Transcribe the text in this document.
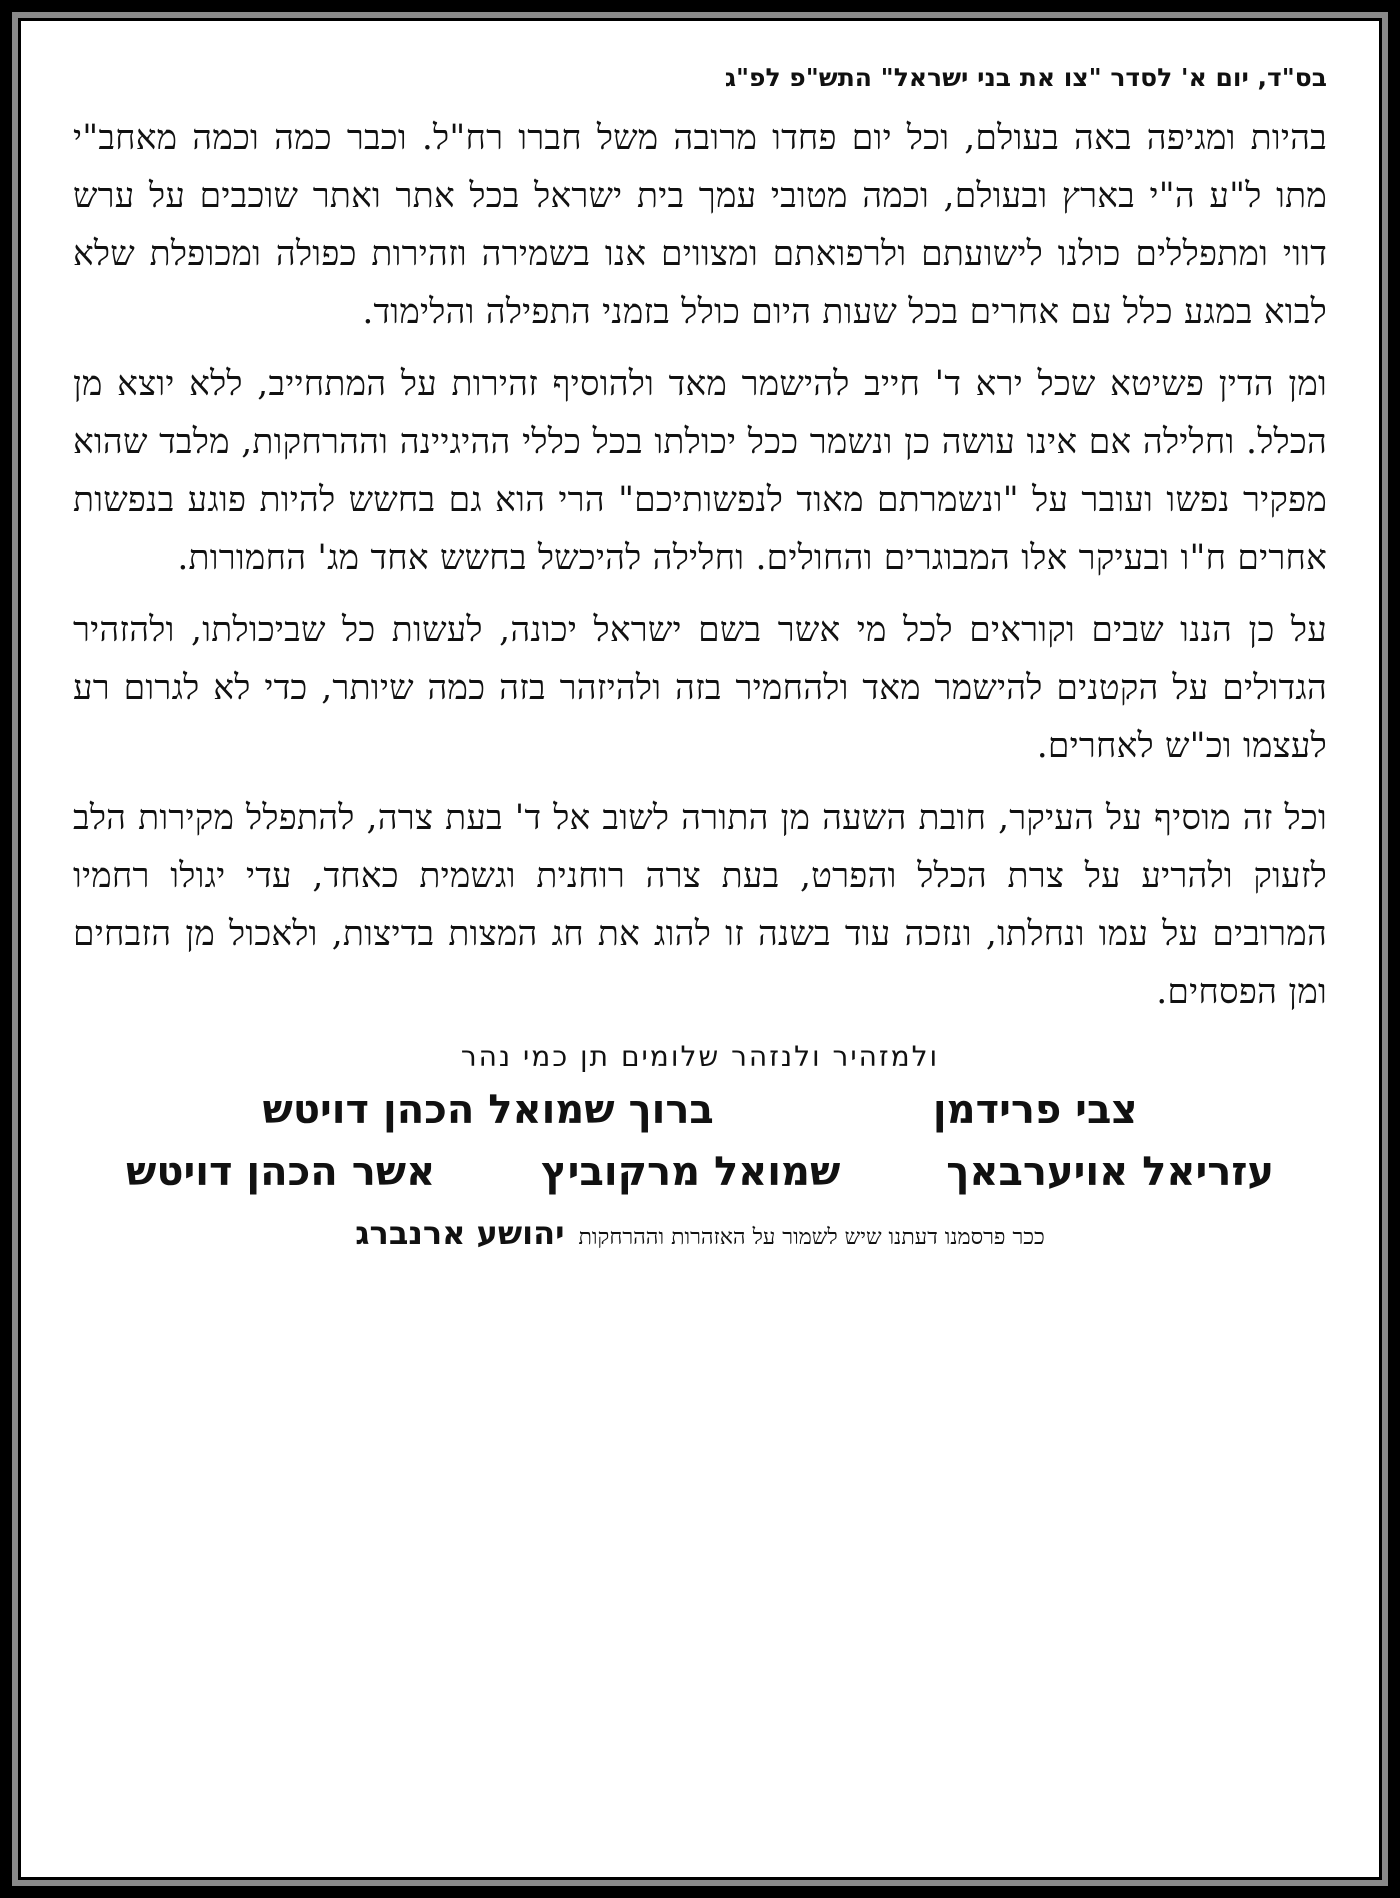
בס"ד, יום א' לסדר "צו את בני ישראל" התש"פ לפ"ג

בהיות ומגיפה באה בעולם, וכל יום פחדו מרובה משל חברו רח"ל. וכבר כמה וכמה מאחב"י מתו ל"ע ה"י בארץ ובעולם, וכמה מטובי עמך בית ישראל בכל אתר ואתר שוכבים על ערש דווי ומתפללים כולנו לישועתם ולרפואתם ומצווים אנו בשמירה וזהירות כפולה ומכופלת שלא לבוא במגע כלל עם אחרים בכל שעות היום כולל בזמני התפילה והלימוד.

ומן הדין פשיטא שכל ירא ד' חייב להישמר מאד ולהוסיף זהירות על המתחייב, ללא יוצא מן הכלל. וחלילה אם אינו עושה כן ונשמר ככל יכולתו בכל כללי ההיגיינה וההרחקות, מלבד שהוא מפקיר נפשו ועובר על "ונשמרתם מאוד לנפשותיכם" הרי הוא גם בחשש להיות פוגע בנפשות אחרים ח"ו ובעיקר אלו המבוגרים והחולים. וחלילה להיכשל בחשש אחד מג' החמורות.

על כן הננו שבים וקוראים לכל מי אשר בשם ישראל יכונה, לעשות כל שביכולתו, ולהזהיר הגדולים על הקטנים להישמר מאד ולהחמיר בזה ולהיזהר בזה כמה שיותר, כדי לא לגרום רע לעצמו וכ"ש לאחרים.

וכל זה מוסיף על העיקר, חובת השעה מן התורה לשוב אל ד' בעת צרה, להתפלל מקירות הלב לזעוק ולהריע על צרת הכלל והפרט, בעת צרה רוחנית וגשמית כאחד, עדי יגולו רחמיו המרובים על עמו ונחלתו, ונזכה עוד בשנה זו להוג את חג המצות בדיצות, ולאכול מן הזבחים ומן הפסחים.

ולמזהיר ולנזהר שלומים תן כמי נהר
צבי פרידמן
ברוך שמואל הכהן דויטש
עזריאל אויערבאך
שמואל מרקוביץ
אשר הכהן דויטש
ככר פרסמנו דעתנו שיש לשמור על האזהרות וההרחקות
יהושע ארנברג
